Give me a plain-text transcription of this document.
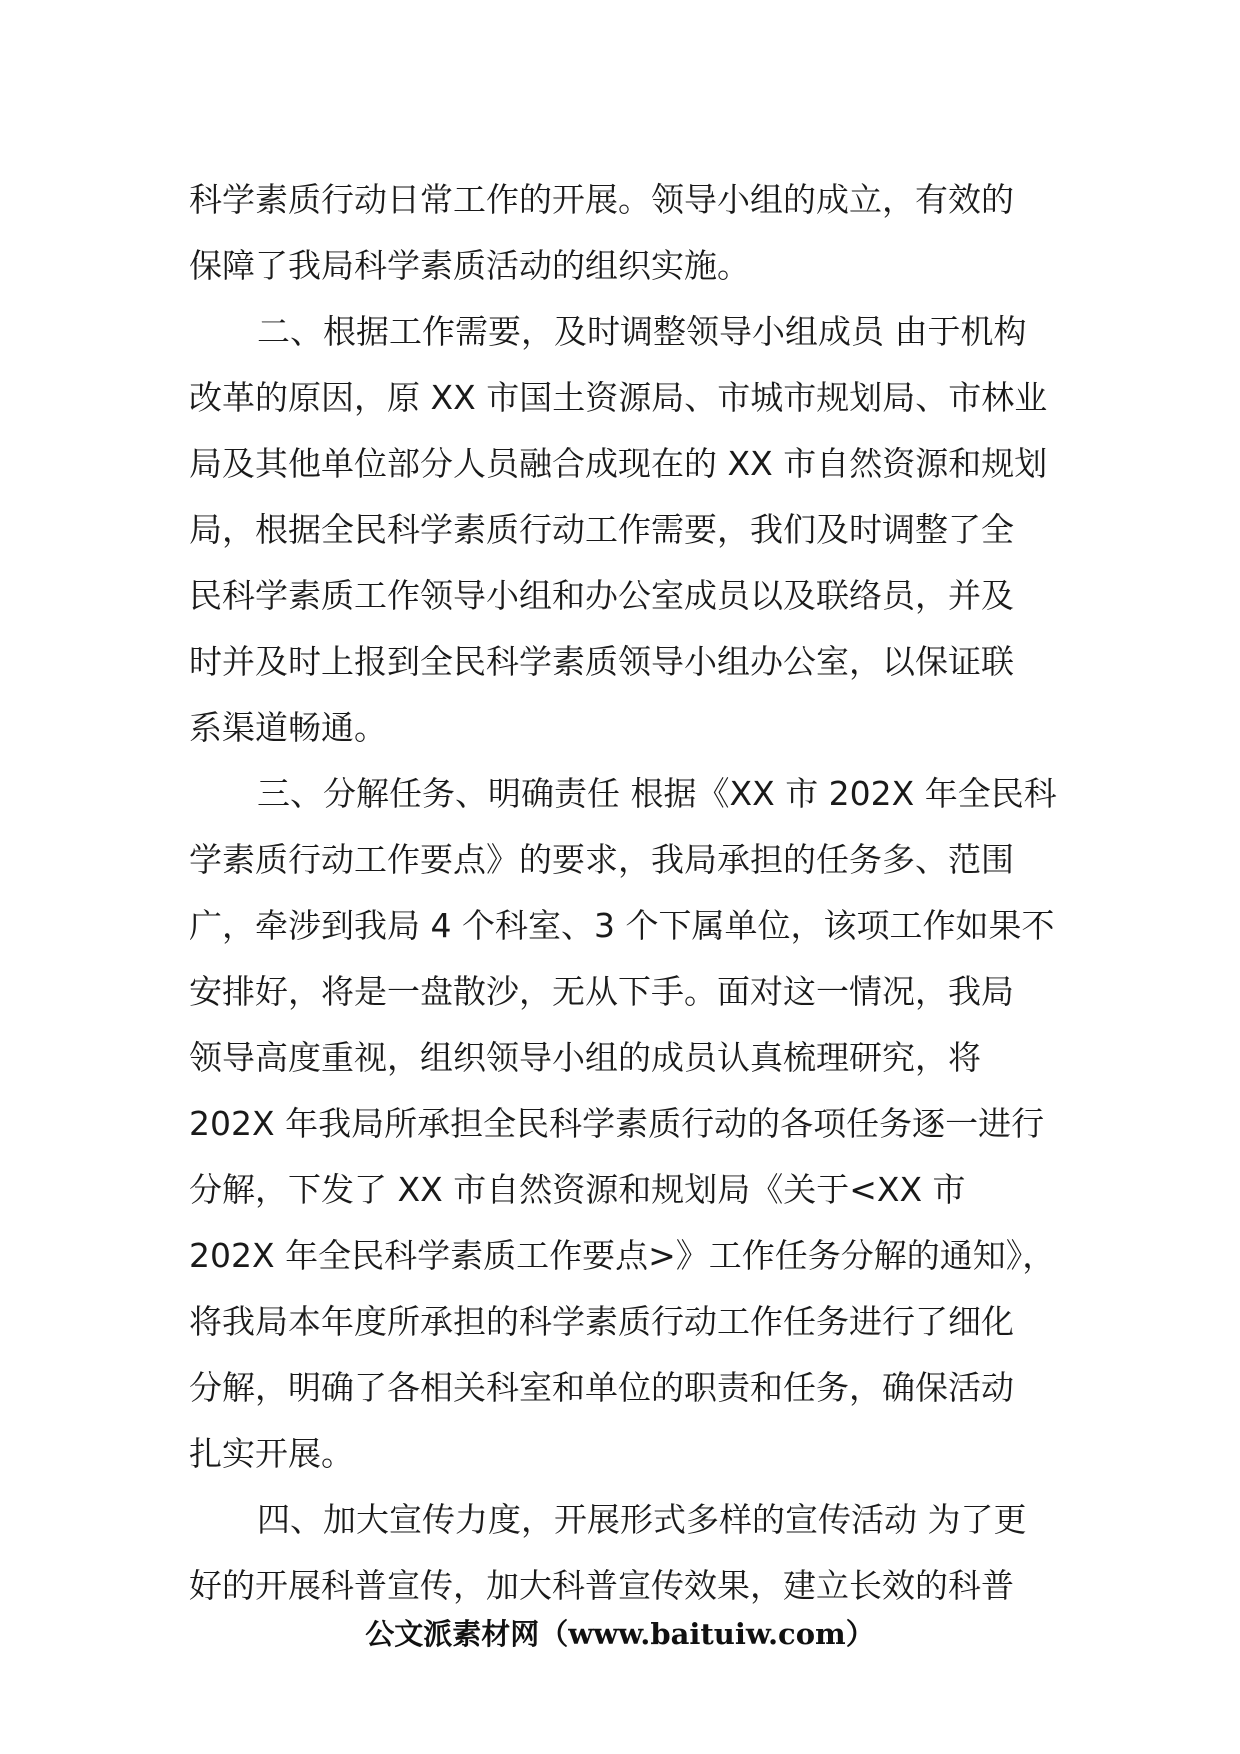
科学素质行动日常工作的开展。领导小组的成立，有效的
保障了我局科学素质活动的组织实施。
二、根据工作需要，及时调整领导小组成员 由于机构
改革的原因，原 XX 市国土资源局、市城市规划局、市林业
局及其他单位部分人员融合成现在的 XX 市自然资源和规划
局，根据全民科学素质行动工作需要，我们及时调整了全
民科学素质工作领导小组和办公室成员以及联络员，并及
时并及时上报到全民科学素质领导小组办公室，以保证联
系渠道畅通。
三、分解任务、明确责任 根据《XX 市 202X 年全民科
学素质行动工作要点》的要求，我局承担的任务多、范围
广，牵涉到我局 4 个科室、3 个下属单位，该项工作如果不
安排好，将是一盘散沙，无从下手。面对这一情况，我局
领导高度重视，组织领导小组的成员认真梳理研究，将
202X 年我局所承担全民科学素质行动的各项任务逐一进行
分解，下发了 XX 市自然资源和规划局《关于<XX 市
202X 年全民科学素质工作要点>》工作任务分解的通知》，
将我局本年度所承担的科学素质行动工作任务进行了细化
分解，明确了各相关科室和单位的职责和任务，确保活动
扎实开展。
四、加大宣传力度，开展形式多样的宣传活动 为了更
好的开展科普宣传，加大科普宣传效果，建立长效的科普
公文派素材网（www.baituiw.com）
